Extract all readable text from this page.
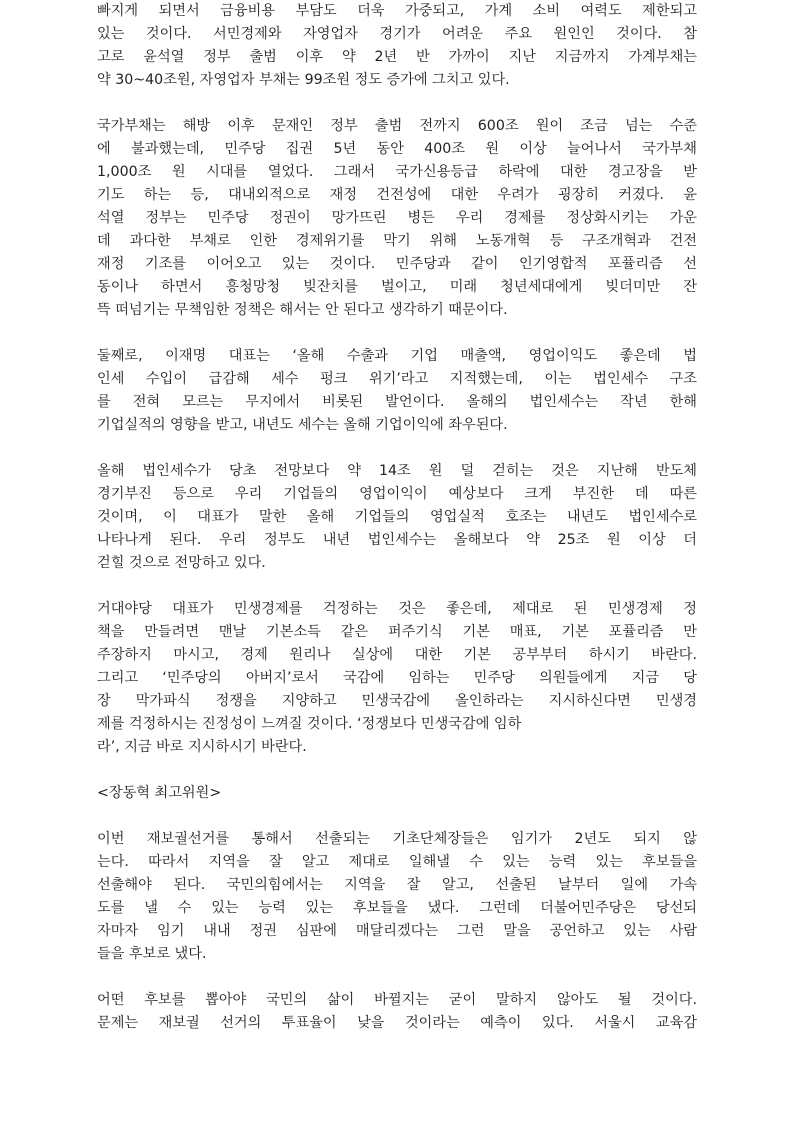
빠지게 되면서 금융비용 부담도 더욱 가중되고, 가계 소비 여력도 제한되고
있는 것이다. 서민경제와 자영업자 경기가 어려운 주요 원인인 것이다. 참
고로 윤석열 정부 출범 이후 약 2년 반 가까이 지난 지금까지 가계부채는
약 30~40조원, 자영업자 부채는 99조원 정도 증가에 그치고 있다.
국가부채는 해방 이후 문재인 정부 출범 전까지 600조 원이 조금 넘는 수준
에 불과했는데, 민주당 집권 5년 동안 400조 원 이상 늘어나서 국가부채
1,000조 원 시대를 열었다. 그래서 국가신용등급 하락에 대한 경고장을 받
기도 하는 등, 대내외적으로 재정 건전성에 대한 우려가 굉장히 커졌다. 윤
석열 정부는 민주당 정권이 망가뜨린 병든 우리 경제를 정상화시키는 가운
데 과다한 부채로 인한 경제위기를 막기 위해 노동개혁 등 구조개혁과 건전
재정 기조를 이어오고 있는 것이다. 민주당과 같이 인기영합적 포퓰리즘 선
동이나 하면서 흥청망청 빚잔치를 벌이고, 미래 청년세대에게 빚더미만 잔
뜩 떠넘기는 무책임한 정책은 해서는 안 된다고 생각하기 때문이다.
둘째로, 이재명 대표는 ‘올해 수출과 기업 매출액, 영업이익도 좋은데 법
인세 수입이 급감해 세수 펑크 위기’라고 지적했는데, 이는 법인세수 구조
를 전혀 모르는 무지에서 비롯된 발언이다. 올해의 법인세수는 작년 한해
기업실적의 영향을 받고, 내년도 세수는 올해 기업이익에 좌우된다.
올해 법인세수가 당초 전망보다 약 14조 원 덜 걷히는 것은 지난해 반도체
경기부진 등으로 우리 기업들의 영업이익이 예상보다 크게 부진한 데 따른
것이며, 이 대표가 말한 올해 기업들의 영업실적 호조는 내년도 법인세수로
나타나게 된다. 우리 정부도 내년 법인세수는 올해보다 약 25조 원 이상 더
걷힐 것으로 전망하고 있다.
거대야당 대표가 민생경제를 걱정하는 것은 좋은데, 제대로 된 민생경제 정
책을 만들려면 맨날 기본소득 같은 퍼주기식 기본 매표, 기본 포퓰리즘 만
주장하지 마시고, 경제 원리나 실상에 대한 기본 공부부터 하시기 바란다.
그리고 ‘민주당의 아버지’로서 국감에 임하는 민주당 의원들에게 지금 당
장 막가파식 정쟁을 지양하고 민생국감에 올인하라는 지시하신다면 민생경
제를 걱정하시는 진정성이 느껴질 것이다. ‘정쟁보다 민생국감에 임하
라’, 지금 바로 지시하시기 바란다.
<장동혁 최고위원>
이번 재보궐선거를 통해서 선출되는 기초단체장들은 임기가 2년도 되지 않
는다. 따라서 지역을 잘 알고 제대로 일해낼 수 있는 능력 있는 후보들을
선출해야 된다. 국민의힘에서는 지역을 잘 알고, 선출된 날부터 일에 가속
도를 낼 수 있는 능력 있는 후보들을 냈다. 그런데 더불어민주당은 당선되
자마자 임기 내내 정권 심판에 매달리겠다는 그런 말을 공언하고 있는 사람
들을 후보로 냈다.
어떤 후보를 뽑아야 국민의 삶이 바뀔지는 굳이 말하지 않아도 될 것이다.
문제는 재보궐 선거의 투표율이 낮을 것이라는 예측이 있다. 서울시 교육감
